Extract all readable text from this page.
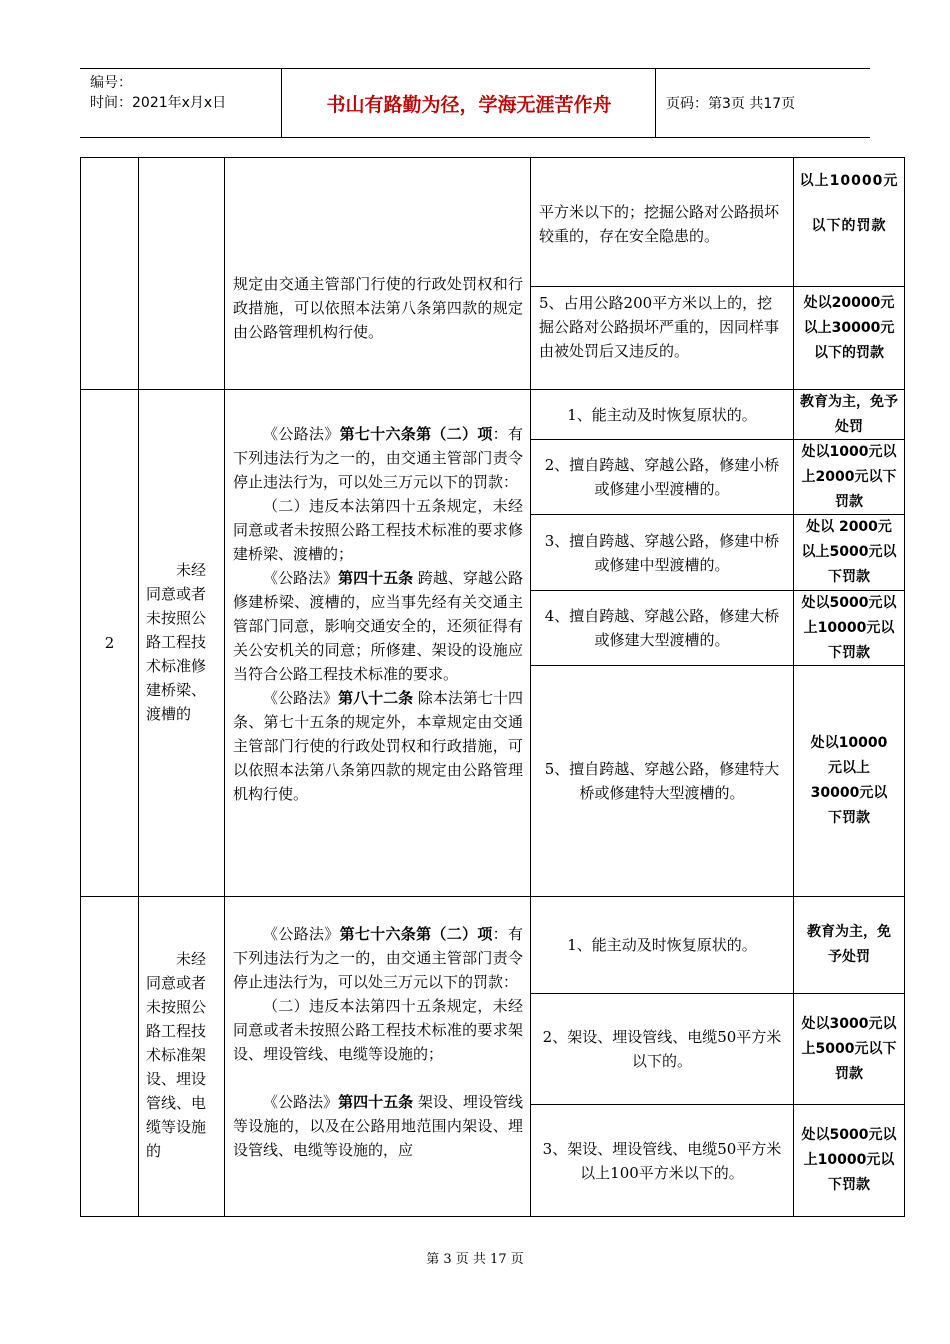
编号：
时间：2021年x月x日	书山有路勤为径，学海无涯苦作舟	页码：第3页 共17页
规定由交通主管部门行使的行政处罚权和行政措施，可以依照本法第八条第四款的规定由公路管理机构行使。
平方米以下的；挖掘公路对公路损坏较重的，存在安全隐患的。
以上10000元以下的罚款
5、占用公路200平方米以上的，挖掘公路对公路损坏严重的，因同样事由被处罚后又违反的。
处以20000元以上30000元以下的罚款
2
未经同意或者未按照公路工程技术标准修建桥梁、渡槽的
《公路法》第七十六条第（二）项：有下列违法行为之一的，由交通主管部门责令停止违法行为，可以处三万元以下的罚款：
（二）违反本法第四十五条规定，未经同意或者未按照公路工程技术标准的要求修建桥梁、渡槽的；
《公路法》第四十五条 跨越、穿越公路修建桥梁、渡槽的，应当事先经有关交通主管部门同意，影响交通安全的，还须征得有关公安机关的同意；所修建、架设的设施应当符合公路工程技术标准的要求。
《公路法》第八十二条 除本法第七十四条、第七十五条的规定外，本章规定由交通主管部门行使的行政处罚权和行政措施，可以依照本法第八条第四款的规定由公路管理机构行使。
1、能主动及时恢复原状的。
教育为主，免予处罚
2、擅自跨越、穿越公路，修建小桥或修建小型渡槽的。
处以1000元以上2000元以下罚款
3、擅自跨越、穿越公路，修建中桥或修建中型渡槽的。
处以 2000元以上5000元以下罚款
4、擅自跨越、穿越公路，修建大桥或修建大型渡槽的。
处以5000元以上10000元以下罚款
5、擅自跨越、穿越公路，修建特大桥或修建特大型渡槽的。
处以10000元以上30000元以下罚款
未经同意或者未按照公路工程技术标准架设、埋设管线、电缆等设施的
《公路法》第七十六条第（二）项：有下列违法行为之一的，由交通主管部门责令停止违法行为，可以处三万元以下的罚款：
（二）违反本法第四十五条规定，未经同意或者未按照公路工程技术标准的要求架设、埋设管线、电缆等设施的；
《公路法》第四十五条 架设、埋设管线等设施的，以及在公路用地范围内架设、埋设管线、电缆等设施的，应
1、能主动及时恢复原状的。
教育为主，免予处罚
2、架设、埋设管线、电缆50平方米以下的。
处以3000元以上5000元以下罚款
3、架设、埋设管线、电缆50平方米以上100平方米以下的。
处以5000元以上10000元以下罚款
第 3 页 共 17 页
